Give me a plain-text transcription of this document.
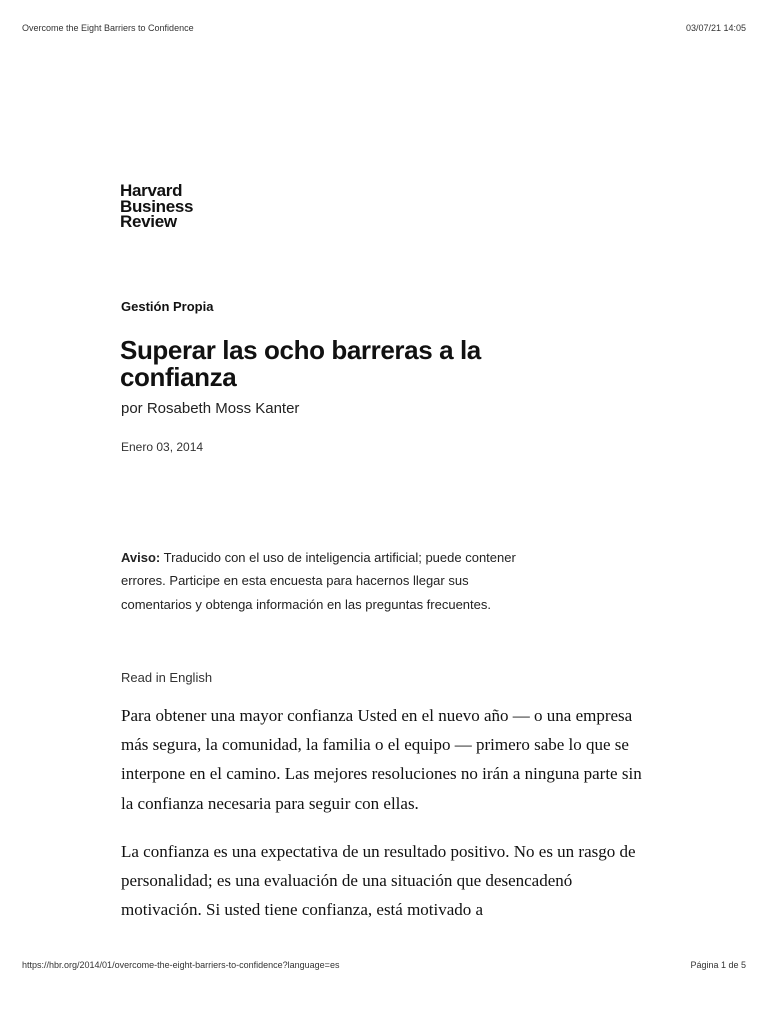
Overcome the Eight Barriers to Confidence	03/07/21 14:05
Harvard
Business
Review
Gestión Propia
Superar las ocho barreras a la confianza
por Rosabeth Moss Kanter
Enero 03, 2014

Aviso: Traducido con el uso de inteligencia artificial; puede contener errores. Participe en esta encuesta para hacernos llegar sus comentarios y obtenga información en las preguntas frecuentes.

Read in English

Para obtener una mayor confianza Usted en el nuevo año — o una empresa más segura, la comunidad, la familia o el equipo — primero sabe lo que se interpone en el camino. Las mejores resoluciones no irán a ninguna parte sin la confianza necesaria para seguir con ellas.

La confianza es una expectativa de un resultado positivo. No es un rasgo de personalidad; es una evaluación de una situación que desencadenó motivación. Si usted tiene confianza, está motivado a

https://hbr.org/2014/01/overcome-the-eight-barriers-to-confidence?language=es	Página 1 de 5
